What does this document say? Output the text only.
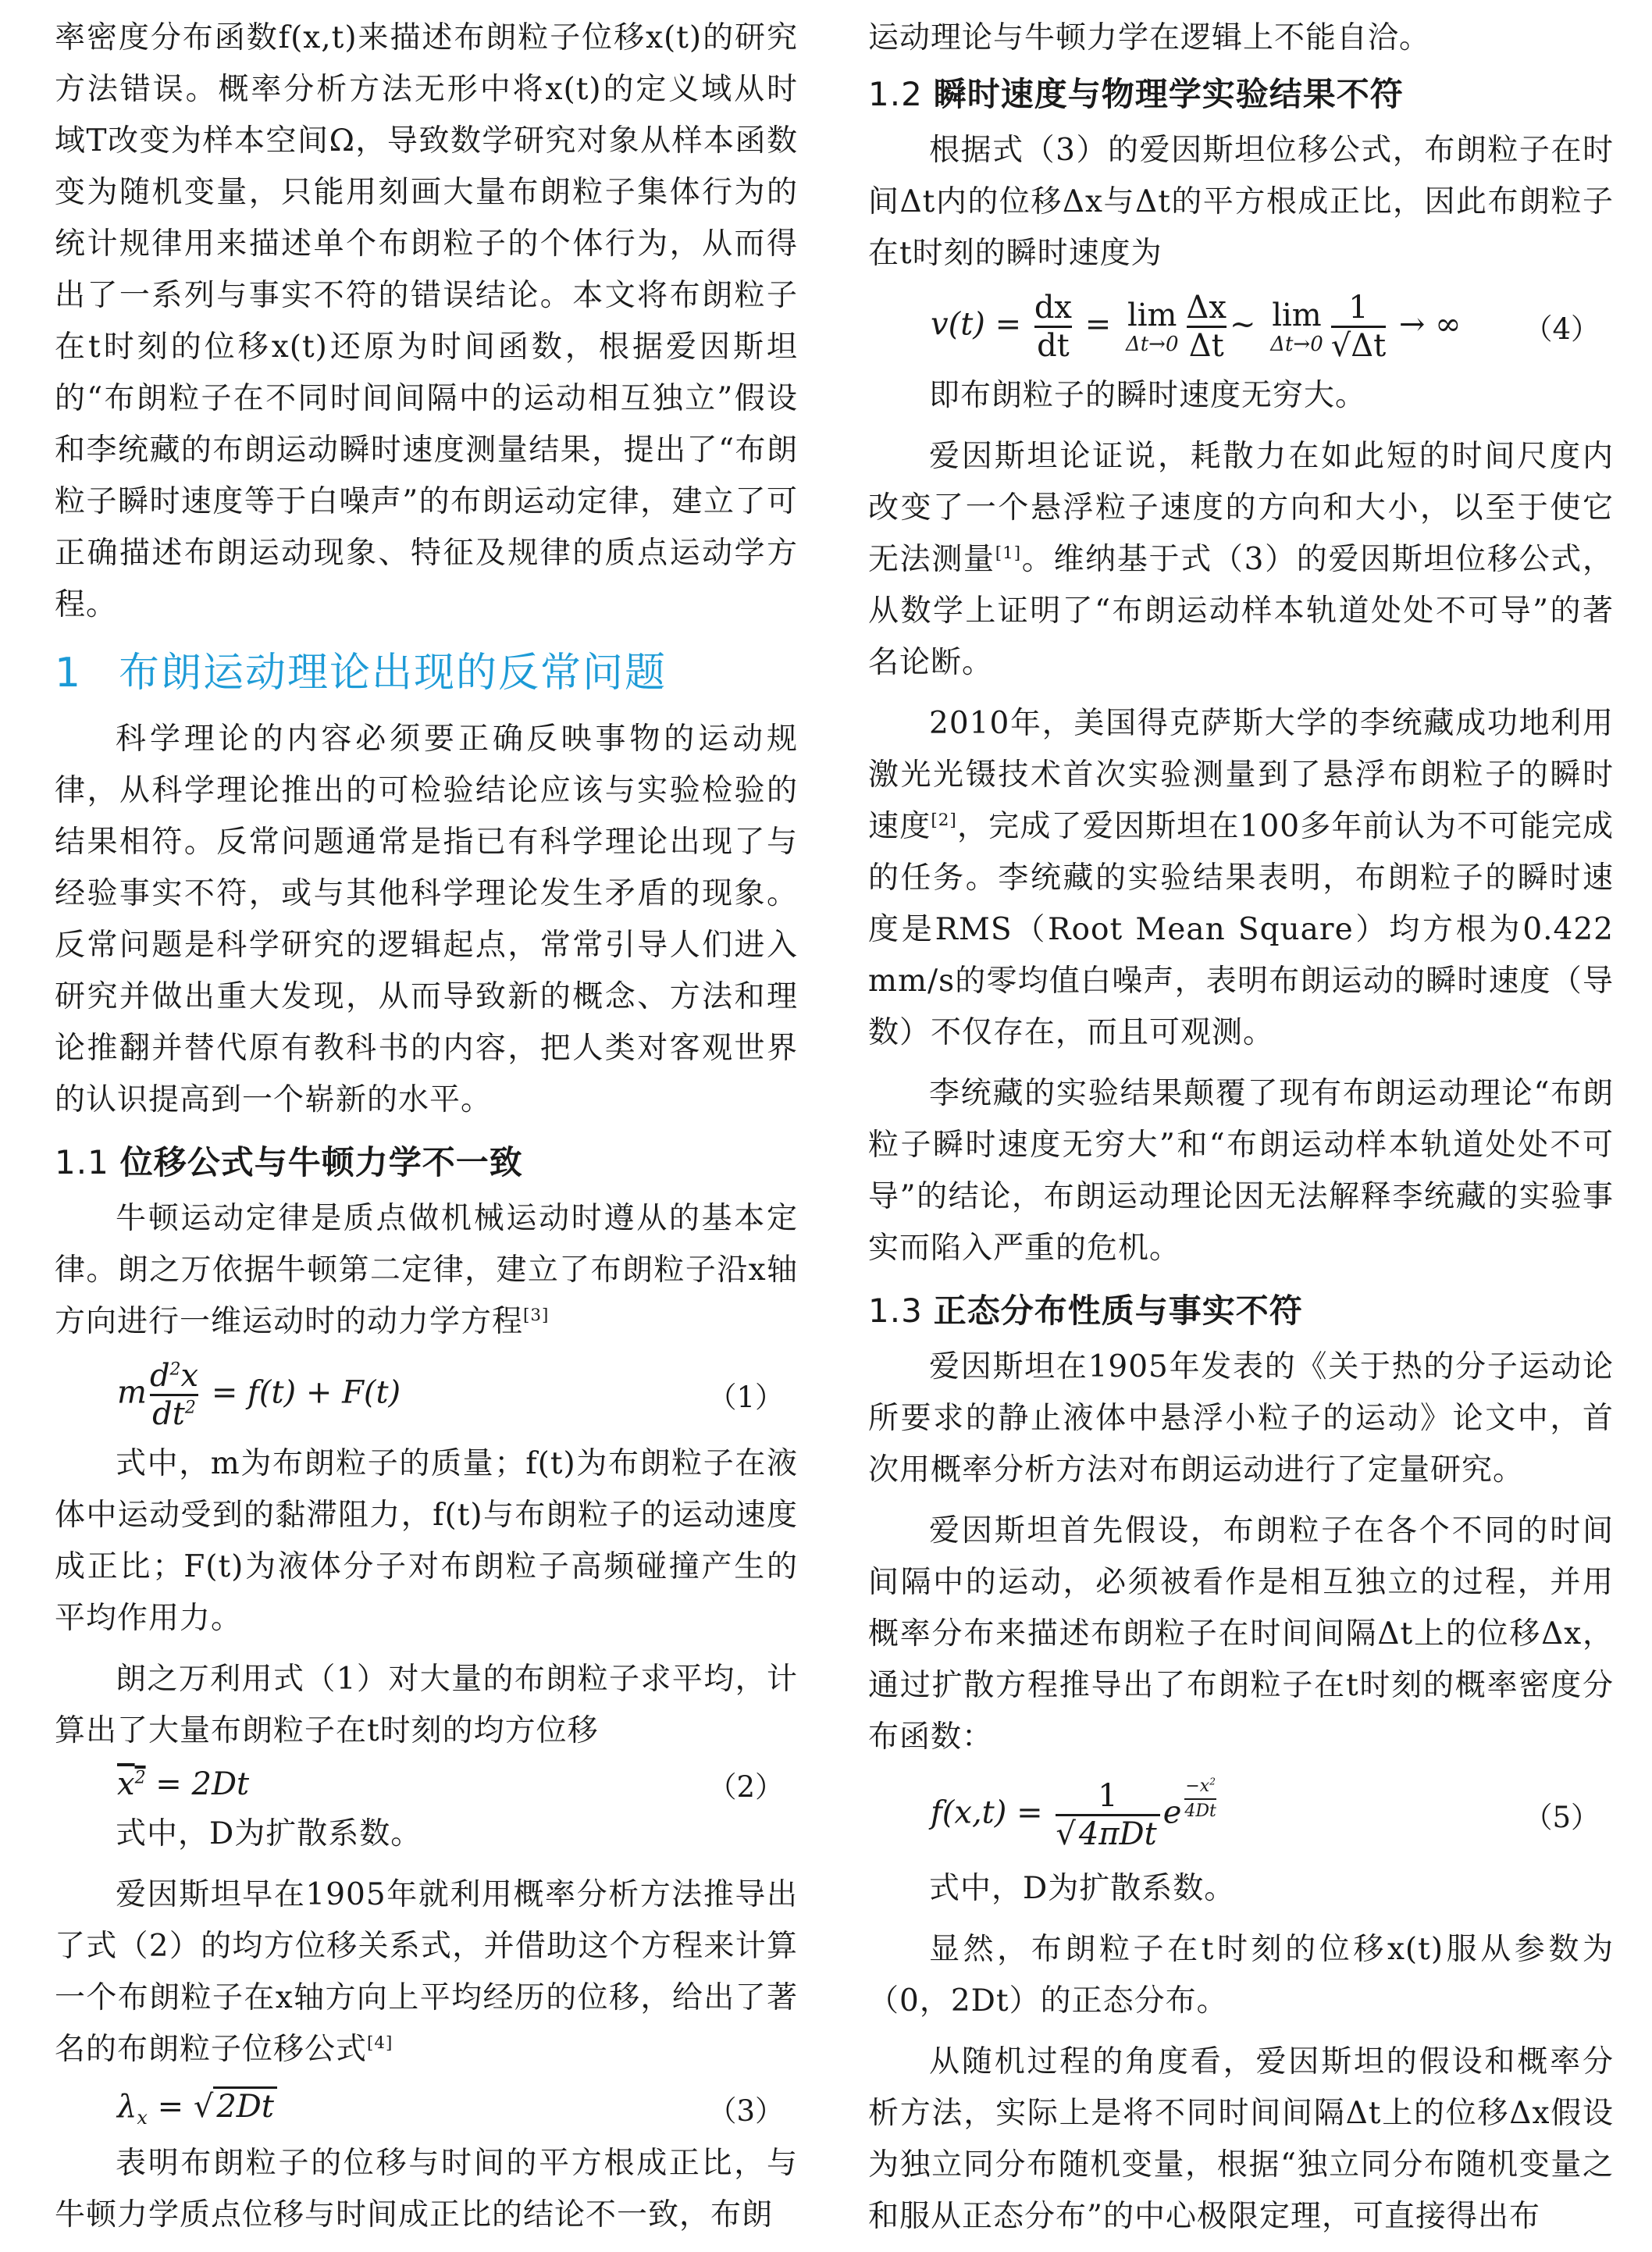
率密度分布函数f(x,t)来描述布朗粒子位移x(t)的研究方法错误。概率分析方法无形中将x(t)的定义域从时域T改变为样本空间Ω，导致数学研究对象从样本函数变为随机变量，只能用刻画大量布朗粒子集体行为的统计规律用来描述单个布朗粒子的个体行为，从而得出了一系列与事实不符的错误结论。本文将布朗粒子在t时刻的位移x(t)还原为时间函数，根据爱因斯坦的“布朗粒子在不同时间间隔中的运动相互独立”假设和李统藏的布朗运动瞬时速度测量结果，提出了“布朗粒子瞬时速度等于白噪声”的布朗运动定律，建立了可正确描述布朗运动现象、特征及规律的质点运动学方程。

1 布朗运动理论出现的反常问题

科学理论的内容必须要正确反映事物的运动规律，从科学理论推出的可检验结论应该与实验检验的结果相符。反常问题通常是指已有科学理论出现了与经验事实不符，或与其他科学理论发生矛盾的现象。反常问题是科学研究的逻辑起点，常常引导人们进入研究并做出重大发现，从而导致新的概念、方法和理论推翻并替代原有教科书的内容，把人类对客观世界的认识提高到一个崭新的水平。

1.1 位移公式与牛顿力学不一致

牛顿运动定律是质点做机械运动时遵从的基本定律。朗之万依据牛顿第二定律，建立了布朗粒子沿x轴方向进行一维运动时的动力学方程[3]

m $\frac{d^2x}{dt^2} = f(t) + F(t)$	（1）

式中，m为布朗粒子的质量；f(t)为布朗粒子在液体中运动受到的黏滞阻力，f(t)与布朗粒子的运动速度成正比；F(t)为液体分子对布朗粒子高频碰撞产生的平均作用力。

朗之万利用式（1）对大量的布朗粒子求平均，计算出了大量布朗粒子在t时刻的均方位移

$x^2 = 2Dt$	（2）

式中，D为扩散系数。

爱因斯坦早在1905年就利用概率分析方法推导出了式（2）的均方位移关系式，并借助这个方程来计算一个布朗粒子在x轴方向上平均经历的位移，给出了著名的布朗粒子位移公式[4]

$\lambda_x$ = √ 2Dt	（3）

表明布朗粒子的位移与时间的平方根成正比，与牛顿力学质点位移与时间成正比的结论不一致，布朗

运动理论与牛顿力学在逻辑上不能自洽。

1.2 瞬时速度与物理学实验结果不符

根据式（3）的爱因斯坦位移公式，布朗粒子在时间Δt内的位移Δx与Δt的平方根成正比，因此布朗粒子在t时刻的瞬时速度为

$v(t) = \frac{dx}{dt} = \lim$
$\Delta t\to 0 \frac{\Delta x}{\Delta t}$ ~ lim
$\Delta t\to 0 \frac{1}{√\Delta t}$ → ∞ （4）

即布朗粒子的瞬时速度无穷大。

爱因斯坦论证说，耗散力在如此短的时间尺度内改变了一个悬浮粒子速度的方向和大小，以至于使它无法测量[1]。维纳基于式（3）的爱因斯坦位移公式，从数学上证明了“布朗运动样本轨道处处不可导”的著名论断。

2010年，美国得克萨斯大学的李统藏成功地利用激光光镊技术首次实验测量到了悬浮布朗粒子的瞬时速度[2]，完成了爱因斯坦在100多年前认为不可能完成的任务。李统藏的实验结果表明，布朗粒子的瞬时速度是RMS（Root Mean Square）均方根为0.422 mm/s的零均值白噪声，表明布朗运动的瞬时速度（导数）不仅存在，而且可观测。

李统藏的实验结果颠覆了现有布朗运动理论“布朗粒子瞬时速度无穷大”和“布朗运动样本轨道处处不可导”的结论，布朗运动理论因无法解释李统藏的实验事实而陷入严重的危机。

1.3 正态分布性质与事实不符

爱因斯坦在1905年发表的《关于热的分子运动论所要求的静止液体中悬浮小粒子的运动》论文中，首次用概率分析方法对布朗运动进行了定量研究。

爱因斯坦首先假设，布朗粒子在各个不同的时间间隔中的运动，必须被看作是相互独立的过程，并用概率分布来描述布朗粒子在时间间隔Δt上的位移Δx，通过扩散方程推导出了布朗粒子在t时刻的概率密度分布函数：

$f(x,t) = \frac{1}{\text{√ 4πDt}}$ e $^{\frac{-x^2}{4Dt}}$	（5）

式中，D为扩散系数。

显然，布朗粒子在t时刻的位移x(t)服从参数为（0，2Dt）的正态分布。

从随机过程的角度看，爱因斯坦的假设和概率分析方法，实际上是将不同时间间隔Δt上的位移Δx假设为独立同分布随机变量，根据“独立同分布随机变量之和服从正态分布”的中心极限定理，可直接得出布
